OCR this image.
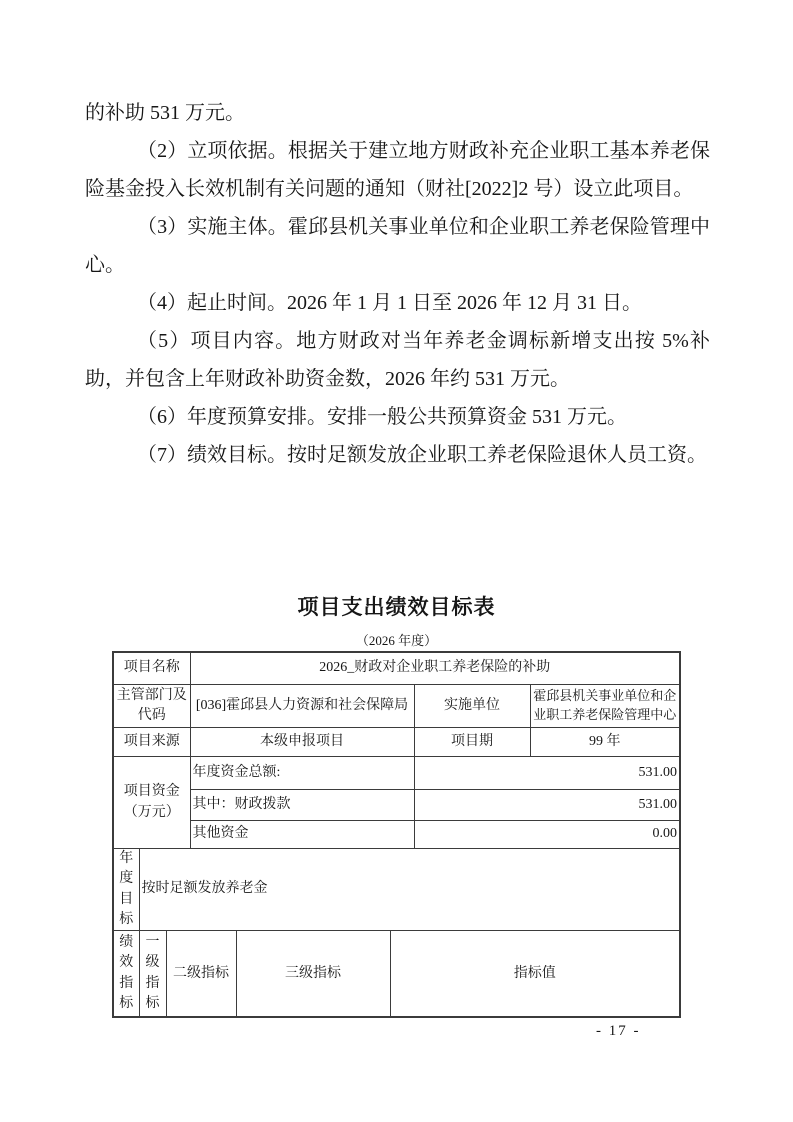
的补助 531 万元。

（2）立项依据。根据关于建立地方财政补充企业职工基本养老保险基金投入长效机制有关问题的通知（财社[2022]2 号）设立此项目。

（3）实施主体。霍邱县机关事业单位和企业职工养老保险管理中心。

（4）起止时间。2026 年 1 月 1 日至 2026 年 12 月 31 日。

（5）项目内容。地方财政对当年养老金调标新增支出按 5%补助，并包含上年财政补助资金数，2026 年约 531 万元。

（6）年度预算安排。安排一般公共预算资金 531 万元。

（7）绩效目标。按时足额发放企业职工养老保险退休人员工资。

项目支出绩效目标表
（2026 年度）
项目名称			2026_财政对企业职工养老保险的补助				
主管部门及代码			[036]霍邱县人力资源和社会保障局			实施单位	霍邱县机关事业单位和企业职工养老保险管理中心
项目来源			本级申报项目			项目期	99 年
项目资金（万元）			年度资金总额:			531.00	
			其中：财政拨款			531.00	
			其他资金			0.00	
年度目标	按时足额发放养老金						
绩效指标	一级指标	二级指标		三级指标	指标值		
- 17 -
